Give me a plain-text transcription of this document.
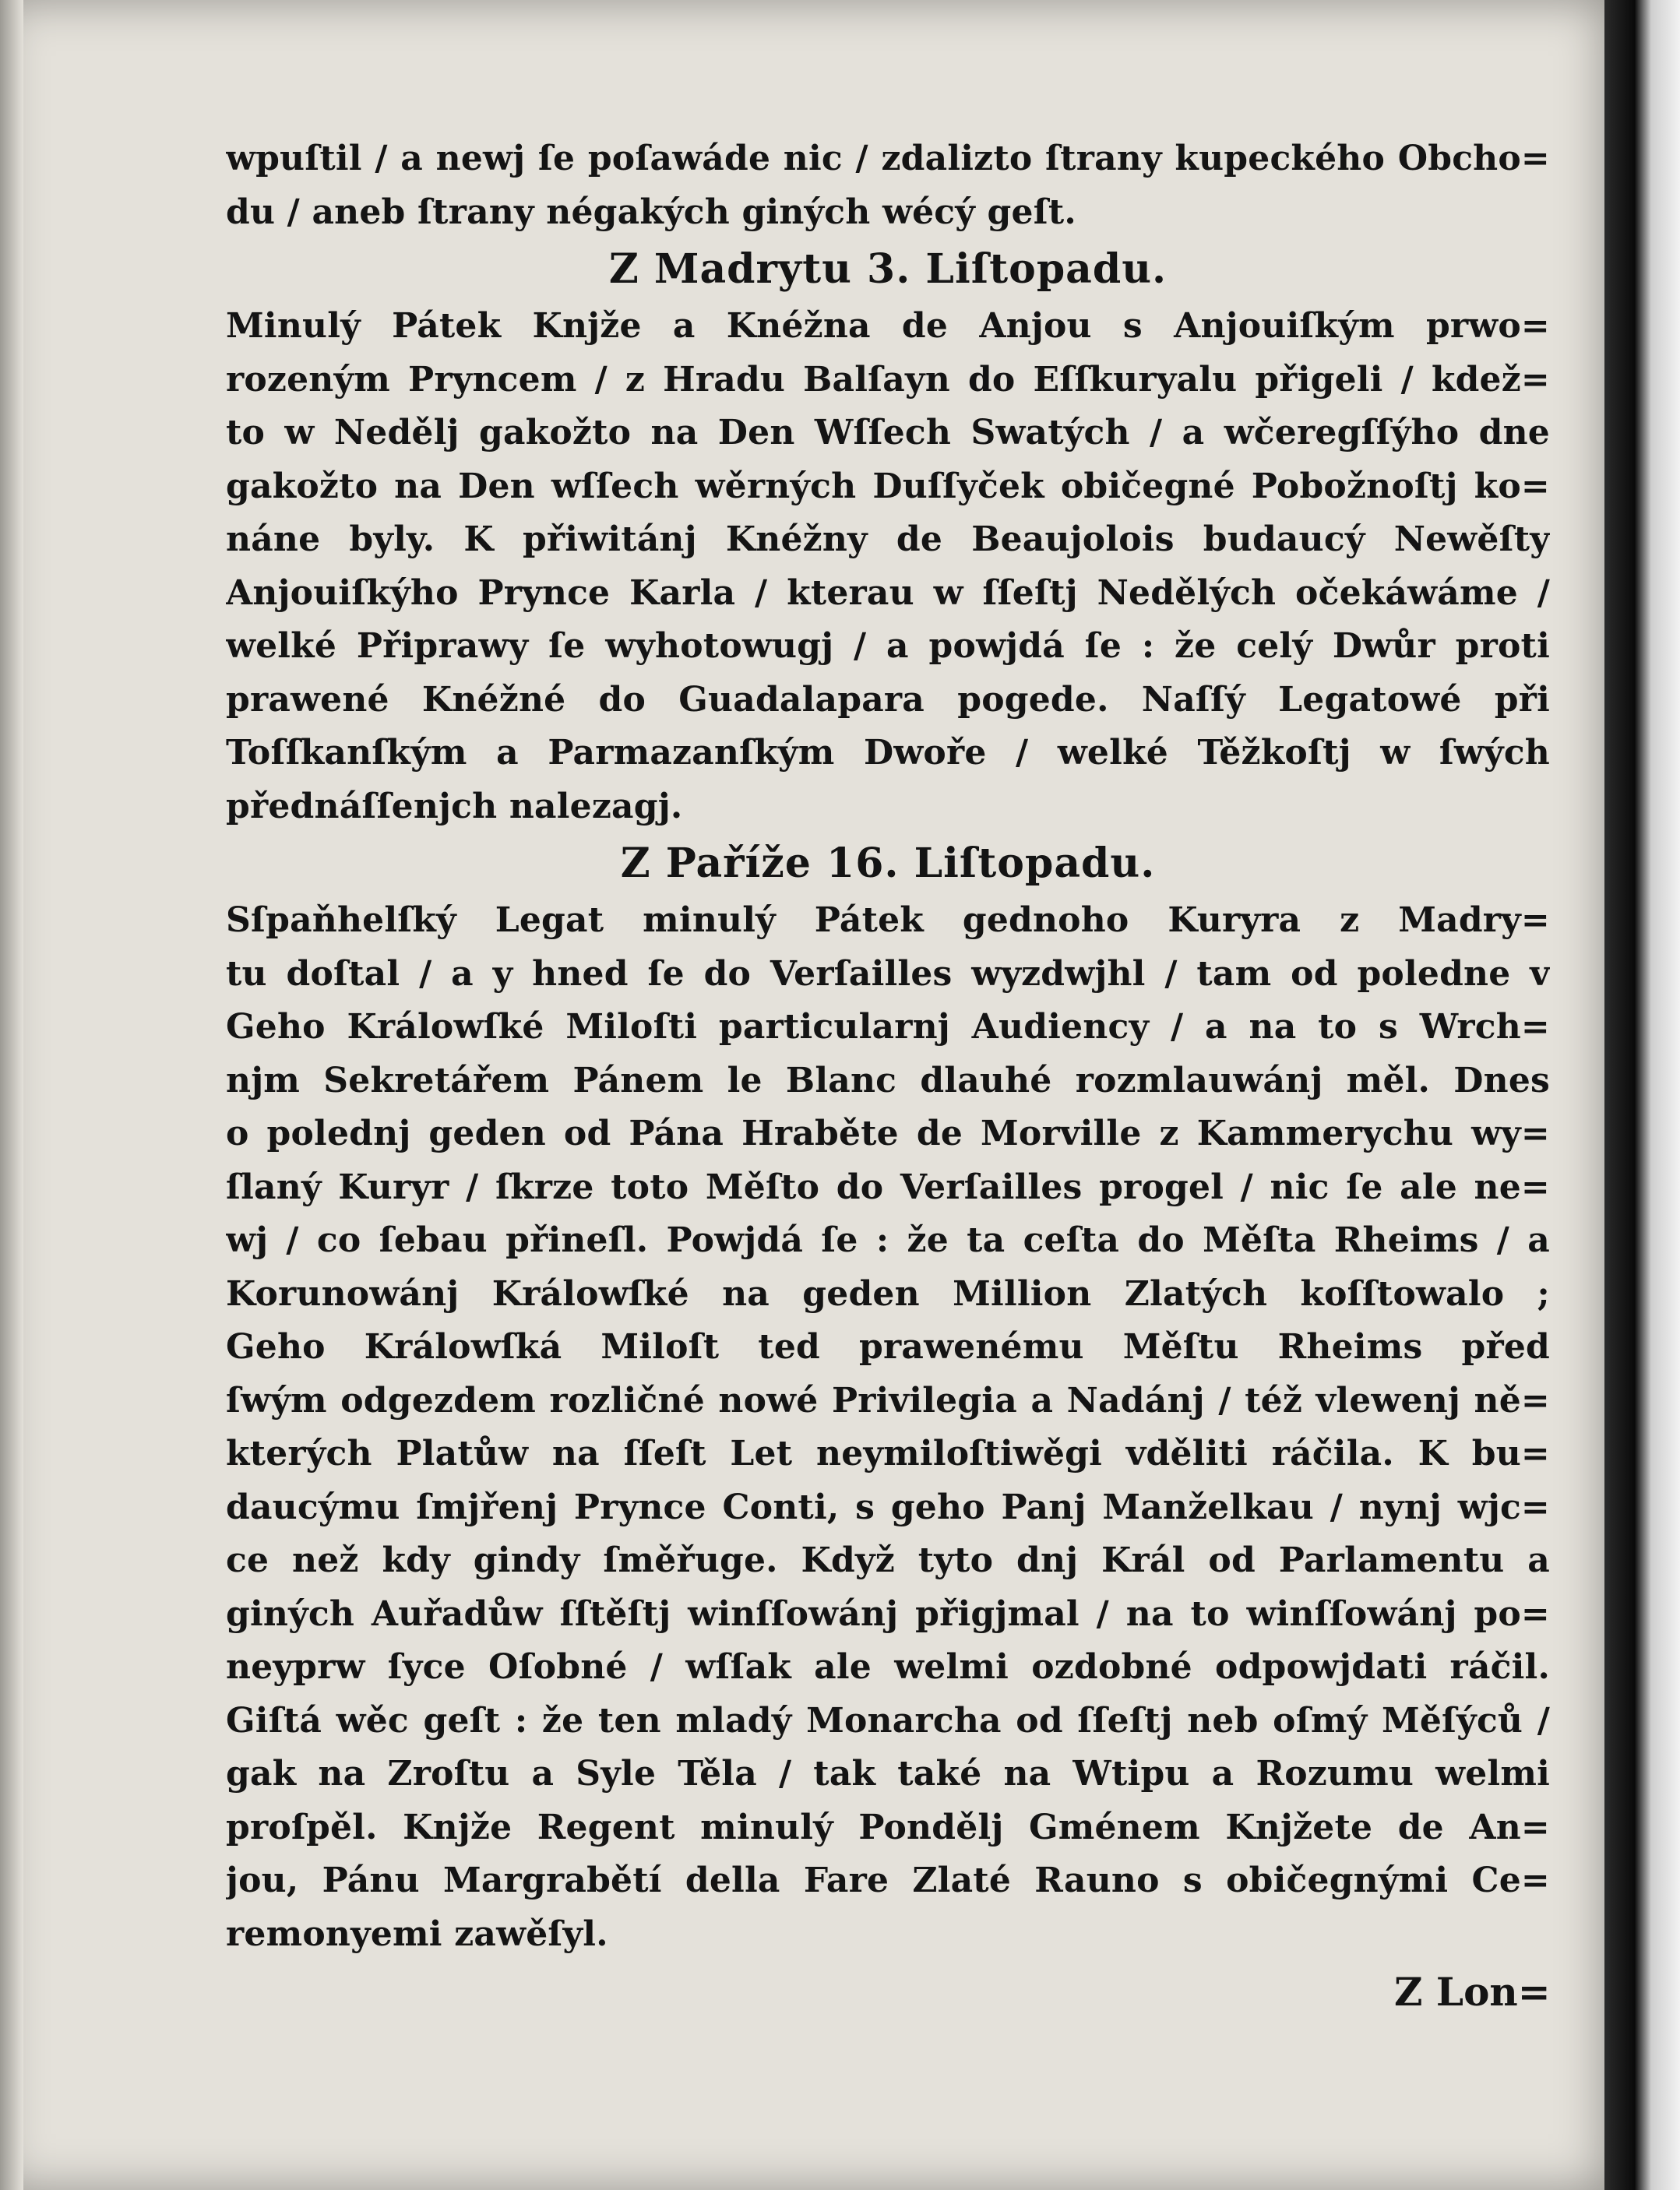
wpuſtil / a newj ſe poſawáde nic / zdalizto ſtrany kupeckého Obcho=
du / aneb ſtrany négakých giných wécý geſt.
Z Madrytu 3. Liſtopadu.
Minulý Pátek Knjže a Knéžna de Anjou s Anjouiſkým prwo=
rozeným Pryncem / z Hradu Balſayn do Eſſkuryalu přigeli / kdež=
to w Nedělj gakožto na Den Wſſech Swatých / a wčeregſſýho dne
gakožto na Den wſſech wěrných Duſſyček običegné Pobožnoſtj ko=
náne byly. K přiwitánj Knéžny de Beaujolois budaucý Newěſty
Anjouiſkýho Prynce Karla / kterau w ſſeſtj Nedělých očekáwáme /
welké Připrawy ſe wyhotowugj / a powjdá ſe : že celý Dwůr proti
prawené Knéžné do Guadalapara pogede. Naſſý Legatowé při
Toſſkanſkým a Parmazanſkým Dwoře / welké Těžkoſtj w ſwých
přednáſſenjch nalezagj.
Z Paříže 16. Liſtopadu.
Sſpaňhelſký Legat minulý Pátek gednoho Kuryra z Madry=
tu doſtal / a y hned ſe do Verſailles wyzdwjhl / tam od poledne v
Geho Králowſké Miloſti particularnj Audiency / a na to s Wrch=
njm Sekretářem Pánem le Blanc dlauhé rozmlauwánj měl. Dnes
o polednj geden od Pána Hraběte de Morville z Kammerychu wy=
ſlaný Kuryr / ſkrze toto Měſto do Verſailles progel / nic ſe ale ne=
wj / co ſebau přineſl. Powjdá ſe : že ta ceſta do Měſta Rheims / a
Korunowánj Králowſké na geden Million Zlatých koſſtowalo ;
Geho Králowſká Miloſt ted prawenému Měſtu Rheims před
ſwým odgezdem rozličné nowé Privilegia a Nadánj / též vlewenj ně=
kterých Platůw na ſſeſt Let neymiloſtiwěgi vděliti ráčila. K bu=
daucýmu ſmjřenj Prynce Conti, s geho Panj Manželkau / nynj wjc=
ce než kdy gindy ſměřuge. Když tyto dnj Král od Parlamentu a
giných Auřadůw ſſtěſtj winſſowánj přigjmal / na to winſſowánj po=
neyprw ſyce Oſobné / wſſak ale welmi ozdobné odpowjdati ráčil.
Giſtá wěc geſt : že ten mladý Monarcha od ſſeſtj neb oſmý Měſýců /
gak na Zroſtu a Syle Těla / tak také na Wtipu a Rozumu welmi
proſpěl. Knjže Regent minulý Pondělj Gménem Knjžete de An=
jou, Pánu Margrabětí della Fare Zlaté Rauno s običegnými Ce=
remonyemi zawěſyl.
Z Lon=
